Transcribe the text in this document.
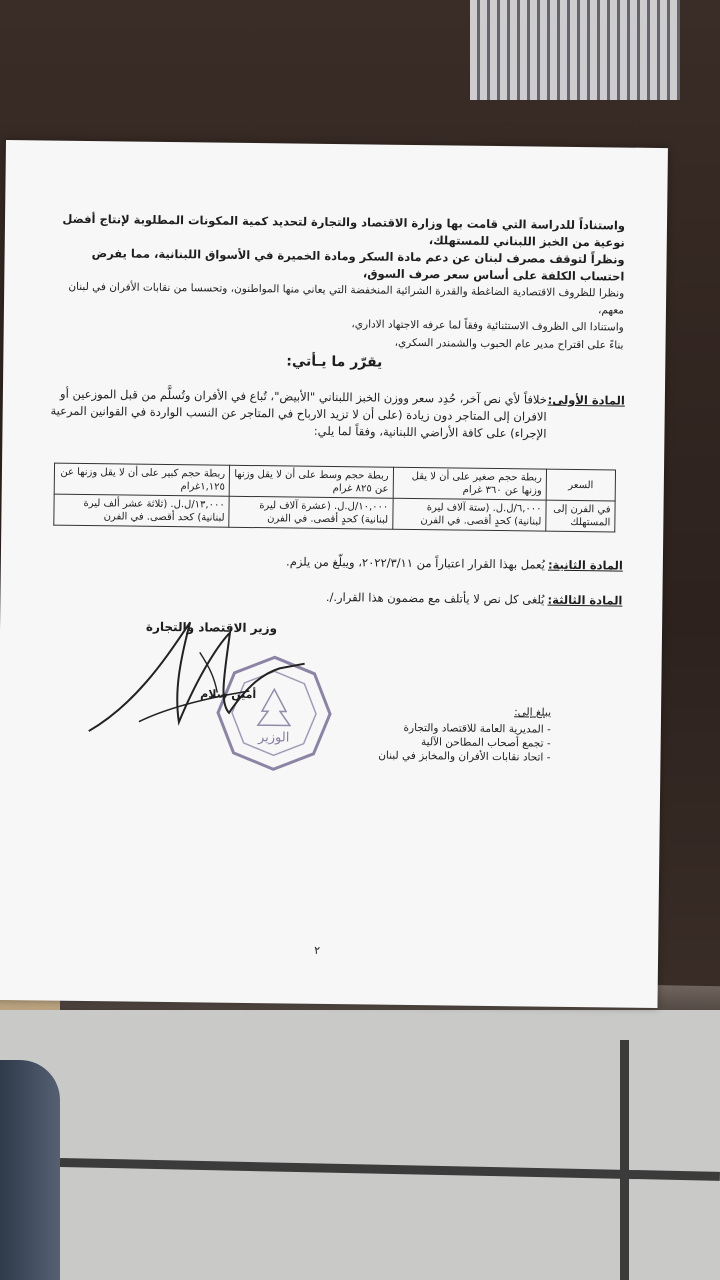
واستناداً للدراسة التي قامت بها وزارة الاقتصاد والتجارة لتحديد كمية المكونات المطلوبة لإنتاج أفضل نوعية من الخبز اللبناني للمستهلك،
ونظراً لتوقف مصرف لبنان عن دعم مادة السكر ومادة الخميرة في الأسواق اللبنانية، مما يفرض احتساب الكلفة على أساس سعر صرف السوق،
ونظرا للظروف الاقتصادية الضاغطة والقدرة الشرائية المنخفضة التي يعاني منها المواطنون، وتحسسا من نقابات الأفران في لبنان معهم،
واستنادا الى الظروف الاستثنائية وفقاً لما عرفه الاجتهاد الاداري،
بناءً على اقتراح مدير عام الحبوب والشمندر السكري،
يقرّر ما يـأتي:
المادة الأولى:
خلافاً لأي نص آخر، حُدِد سعر ووزن الخبز اللبناني "الأبيض"، تُباع في الأفران وتُسلَّم من قبل الموزعين أو الافران إلى المتاجر دون زيادة (على أن لا تزيد الارباح في المتاجر عن النسب الواردة في القوانين المرعية الإجراء) على كافة الأراضي اللبنانية، وفقاً لما يلي:
السعر	ربطة حجم صغير على أن لا يقل وزنها عن ٣٦٠ غرام	ربطة حجم وسط على أن لا يقل وزنها عن ٨٢٥ غرام	ربطة حجم كبير على أن لا يقل وزنها عن ١,١٢٥غرام
في الفرن إلى المستهلك	٦,٠٠٠/ل.ل. (ستة آلاف ليرة لبنانية) كحدٍ أقصى. في الفرن	١٠,٠٠٠/ل.ل. (عشرة آلاف ليرة لبنانية) كحدٍ أقصى. في الفرن	١٣,٠٠٠/ل.ل. (ثلاثة عشر ألف ليرة لبنانية) كحد أقصى. في الفرن
المادة الثانية:
يُعمل بهذا القرار اعتباراً من ٢٠٢٢/٣/١١، ويبلّغ من يلزم.
المادة الثالثة:
يُلغى كل نص لا يأتلف مع مضمون هذا القرار./.
وزير الاقتصاد والتجارة
الوزير
أمين سلام
يبلغ إلى:
- المديرية العامة للاقتصاد والتجارة
- تجمع أصحاب المطاحن الآلية
- اتحاد نقابات الأفران والمخابز في لبنان
٢
